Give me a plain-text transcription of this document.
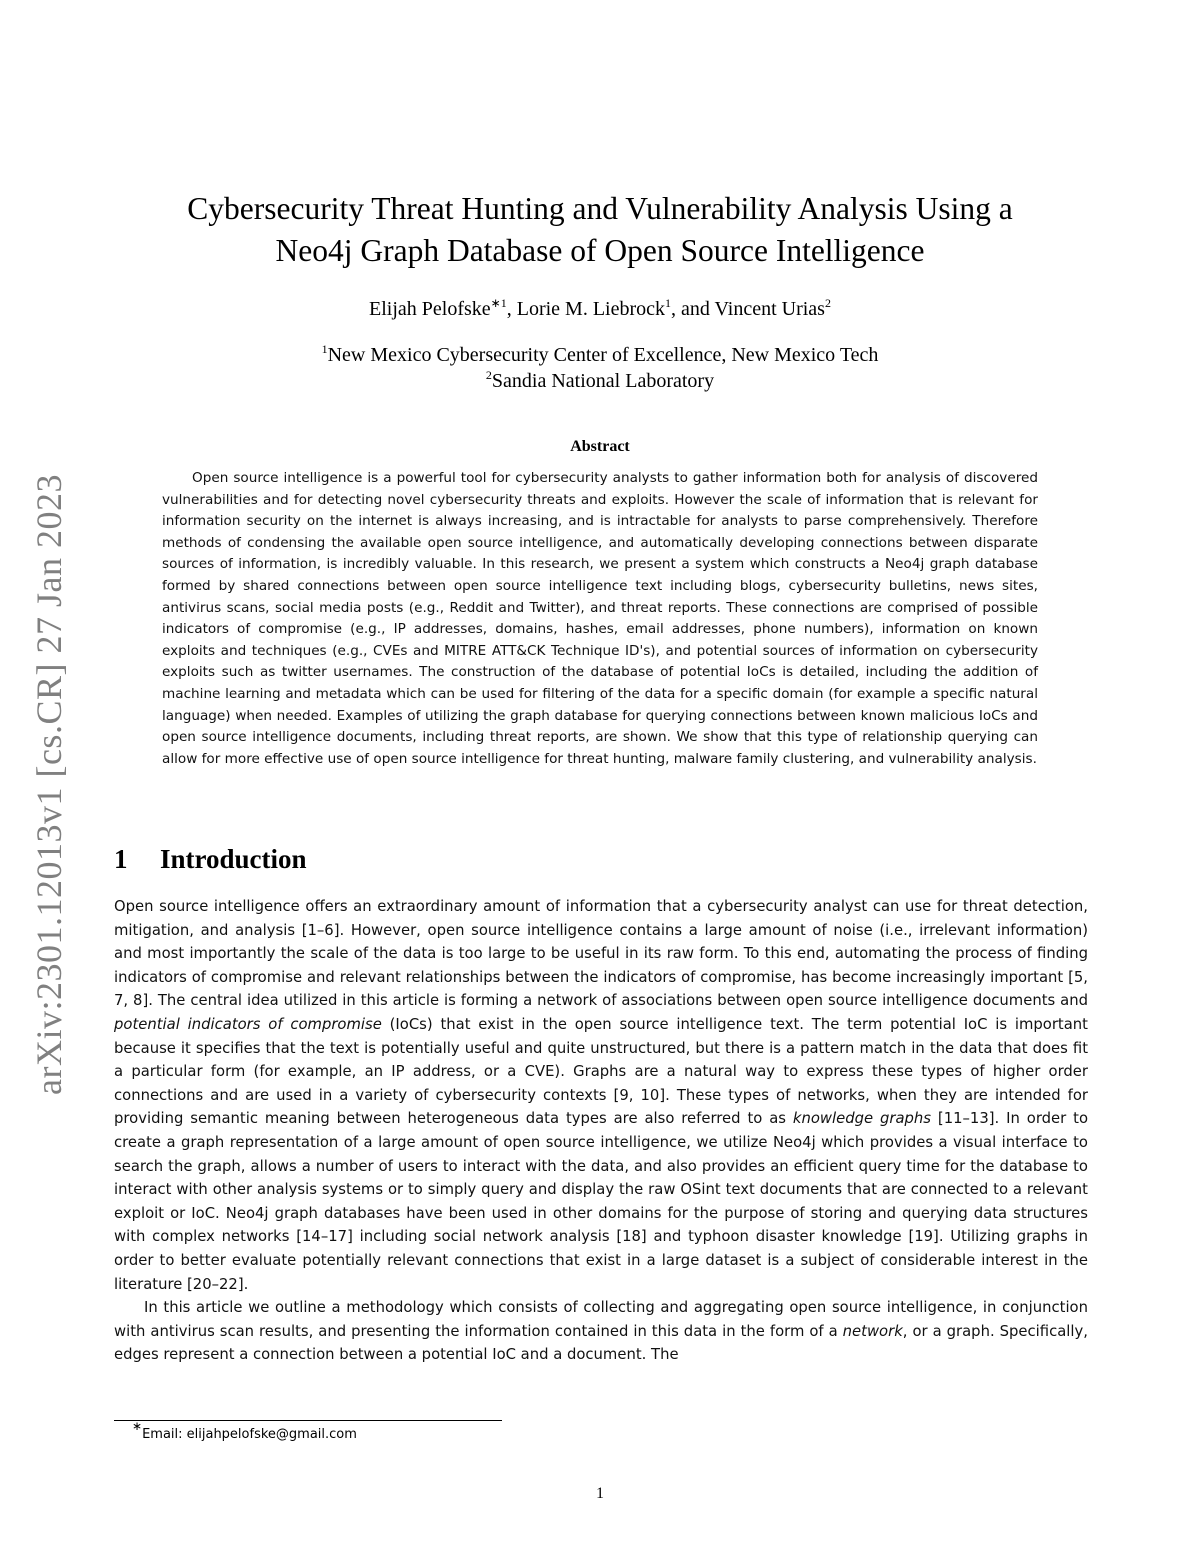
arXiv:2301.12013v1 [cs.CR] 27 Jan 2023
Cybersecurity Threat Hunting and Vulnerability Analysis Using a
Neo4j Graph Database of Open Source Intelligence
Elijah Pelofske$^{∗1}$, Lorie M. Liebrock$^1$, and Vincent Urias$^2$
$^1$New Mexico Cybersecurity Center of Excellence, New Mexico Tech
$^2$Sandia National Laboratory
Abstract
Open source intelligence is a powerful tool for cybersecurity analysts to gather information both for analysis of discovered vulnerabilities and for detecting novel cybersecurity threats and exploits. However the scale of information that is relevant for information security on the internet is always increasing, and is intractable for analysts to parse comprehensively. Therefore methods of condensing the available open source intelligence, and automatically developing connections between disparate sources of information, is incredibly valuable. In this research, we present a system which constructs a Neo4j graph database formed by shared connections between open source intelligence text including blogs, cybersecurity bulletins, news sites, antivirus scans, social media posts (e.g., Reddit and Twitter), and threat reports. These connections are comprised of possible indicators of compromise (e.g., IP addresses, domains, hashes, email addresses, phone numbers), information on known exploits and techniques (e.g., CVEs and MITRE ATT&CK Technique ID's), and potential sources of information on cybersecurity exploits such as twitter usernames. The construction of the database of potential IoCs is detailed, including the addition of machine learning and metadata which can be used for filtering of the data for a specific domain (for example a specific natural language) when needed. Examples of utilizing the graph database for querying connections between known malicious IoCs and open source intelligence documents, including threat reports, are shown. We show that this type of relationship querying can allow for more effective use of open source intelligence for threat hunting, malware family clustering, and vulnerability analysis.
1 Introduction

Open source intelligence offers an extraordinary amount of information that a cybersecurity analyst can use for threat detection, mitigation, and analysis [1–6]. However, open source intelligence contains a large amount of noise (i.e., irrelevant information) and most importantly the scale of the data is too large to be useful in its raw form. To this end, automating the process of finding indicators of compromise and relevant relationships between the indicators of compromise, has become increasingly important [5, 7, 8]. The central idea utilized in this article is forming a network of associations between open source intelligence documents and potential indicators of compromise (IoCs) that exist in the open source intelligence text. The term potential IoC is important because it specifies that the text is potentially useful and quite unstructured, but there is a pattern match in the data that does fit a particular form (for example, an IP address, or a CVE). Graphs are a natural way to express these types of higher order connections and are used in a variety of cybersecurity contexts [9, 10]. These types of networks, when they are intended for providing semantic meaning between heterogeneous data types are also referred to as knowledge graphs [11–13]. In order to create a graph representation of a large amount of open source intelligence, we utilize Neo4j which provides a visual interface to search the graph, allows a number of users to interact with the data, and also provides an efficient query time for the database to interact with other analysis systems or to simply query and display the raw OSint text documents that are connected to a relevant exploit or IoC. Neo4j graph databases have been used in other domains for the purpose of storing and querying data structures with complex networks [14–17] including social network analysis [18] and typhoon disaster knowledge [19]. Utilizing graphs in order to better evaluate potentially relevant connections that exist in a large dataset is a subject of considerable interest in the literature [20–22].

In this article we outline a methodology which consists of collecting and aggregating open source intelligence, in conjunction with antivirus scan results, and presenting the information contained in this data in the form of a network, or a graph. Specifically, edges represent a connection between a potential IoC and a document. The

∗Email: elijahpelofske@gmail.com
1
